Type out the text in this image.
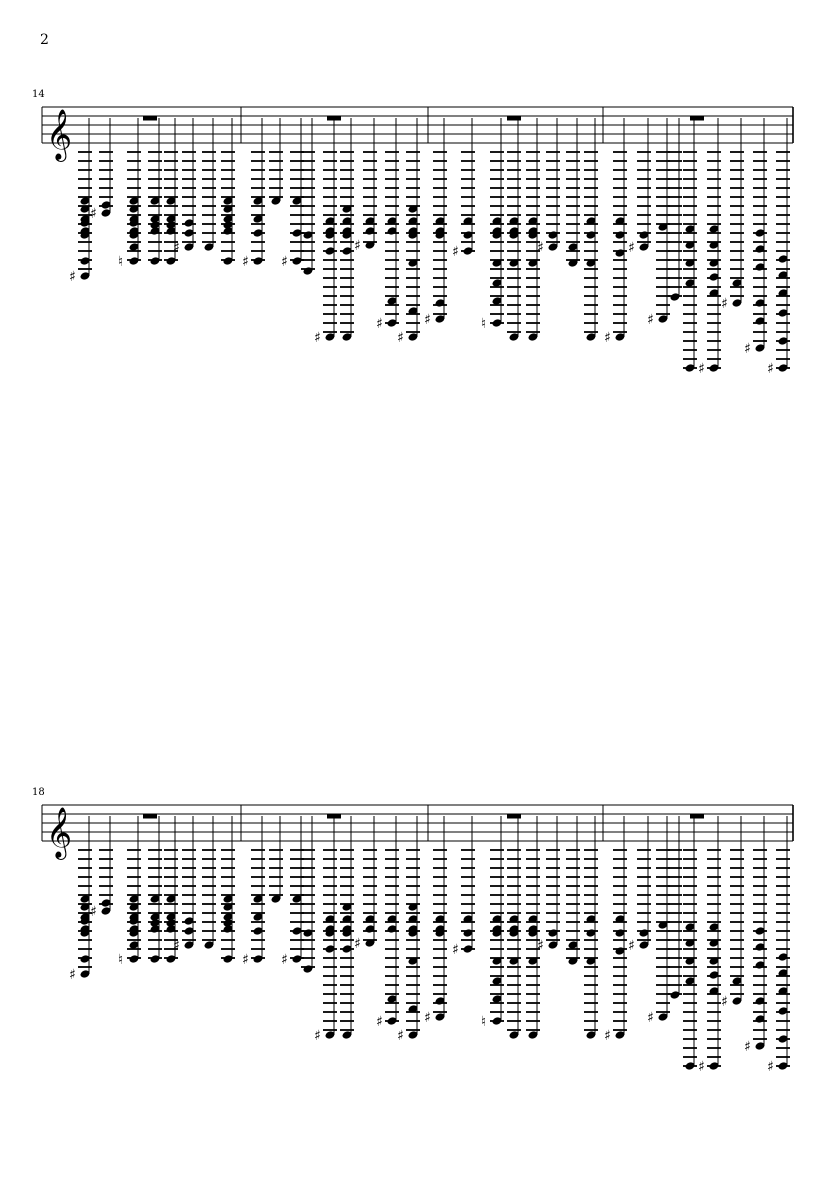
2
14
18
𝄞
♯
♯
♮
♯
♯ ♯
♯
♯
♯
♯
♯
♯
♮
♯
♯
♯
♯
♯
♯
♯
♯
𝄞
♯
♯
♮
♯
♯ ♯
♯
♯
♯
♯
♯
♯
♮
♯
♯
♯
♯
♯
♯
♯
♯
